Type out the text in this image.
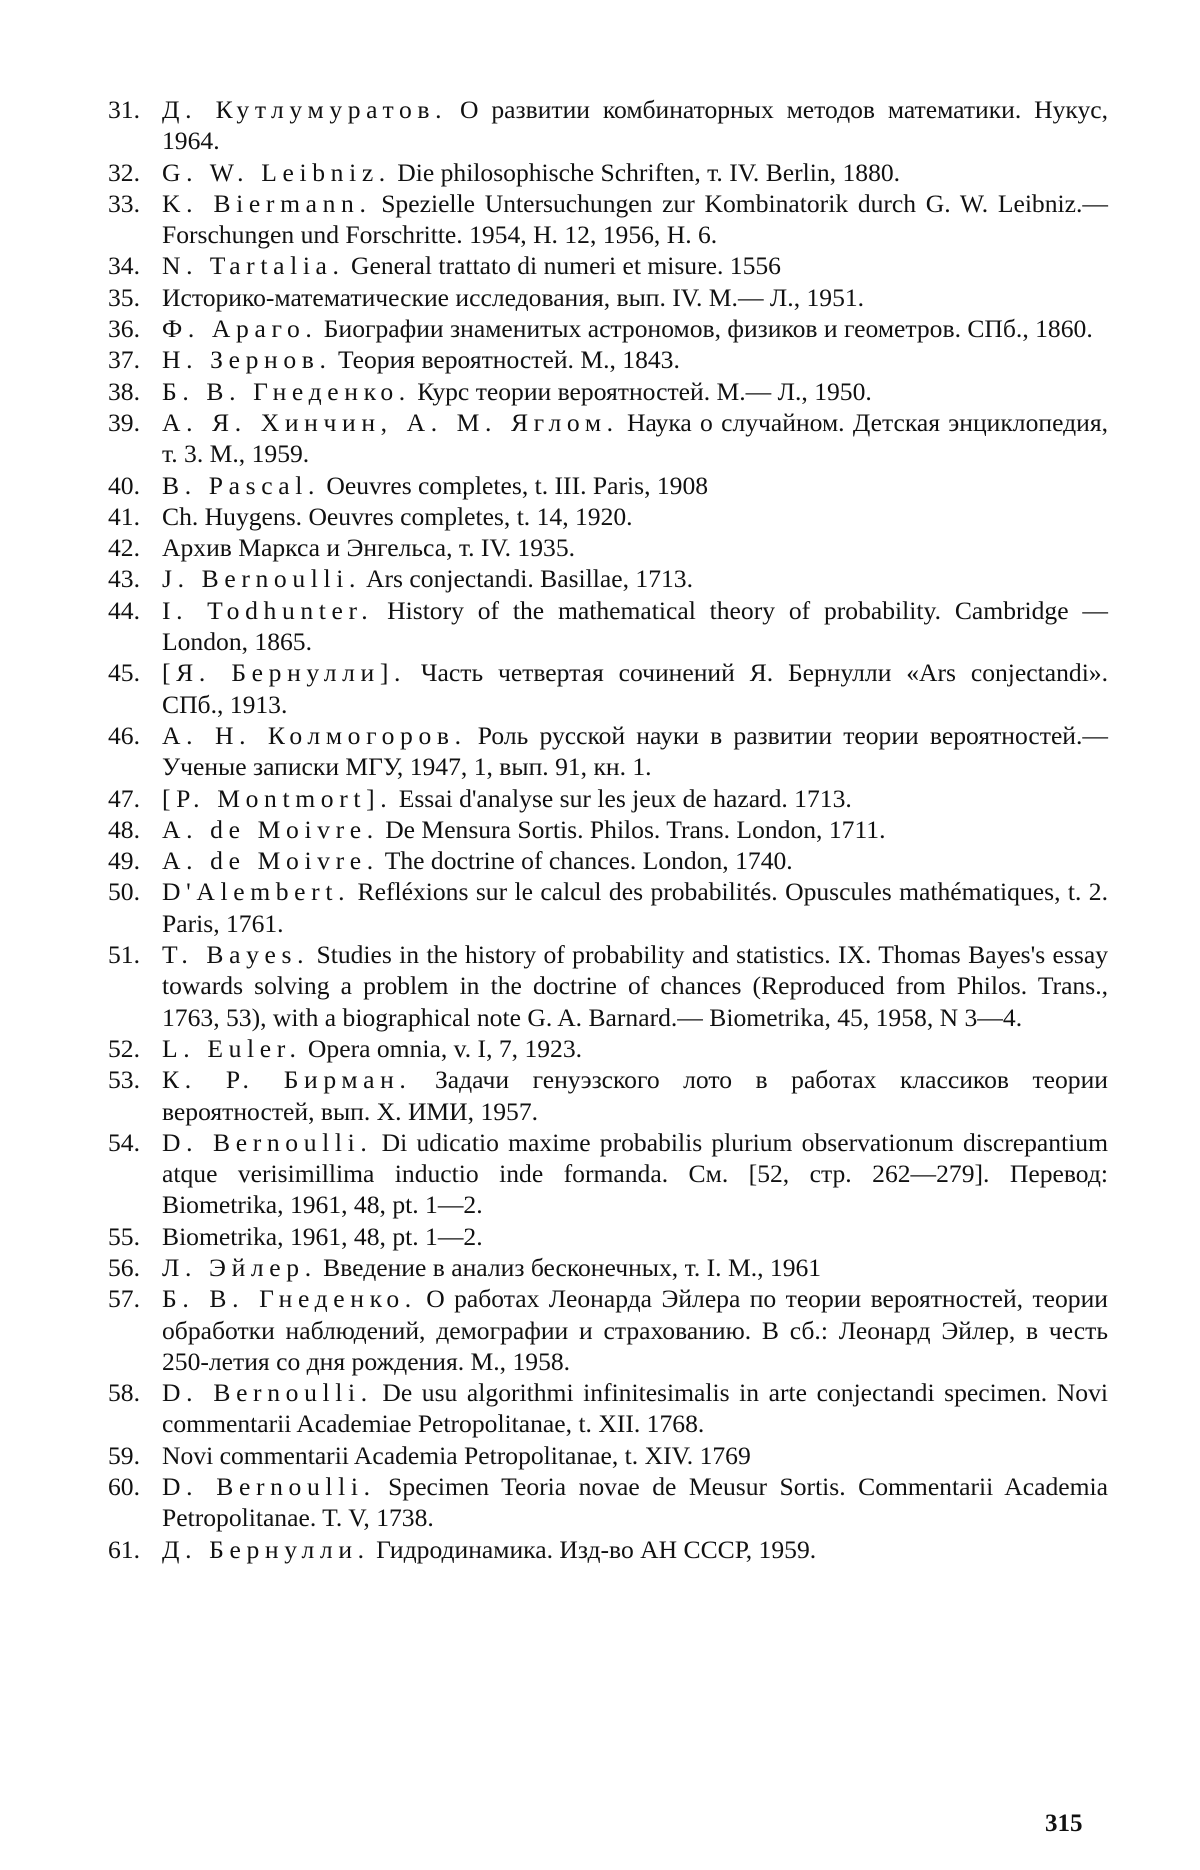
31. Д. Кутлумуратов. О развитии комбинаторных методов математики. Нукус, 1964.
32. G. W. Leibniz. Die philosophische Schriften, т. IV. Berlin, 1880.
33. K. Biermann. Spezielle Untersuchungen zur Kombinatorik durch G. W. Leibniz.— Forschungen und Forschritte. 1954, H. 12, 1956, H. 6.
34. N. Tartalia. General trattato di numeri et misure. 1556
35. Историко-математические исследования, вып. IV. М.— Л., 1951.
36. Ф. Араго. Биографии знаменитых астрономов, физиков и геометров. СПб., 1860.
37. Н. Зернов. Теория вероятностей. М., 1843.
38. Б. В. Гнеденко. Курс теории вероятностей. М.— Л., 1950.
39. А. Я. Хинчин, А. М. Яглом. Наука о случайном. Детская энциклопедия, т. 3. М., 1959.
40. B. Pascal. Oeuvres completes, t. III. Paris, 1908
41. Ch. Huygens. Oeuvres completes, t. 14, 1920.
42. Архив Маркса и Энгельса, т. IV. 1935.
43. J. Bernoulli. Ars conjectandi. Basillae, 1713.
44. I. Todhunter. History of the mathematical theory of probability. Cambridge — London, 1865.
45. [Я. Бернулли]. Часть четвертая сочинений Я. Бернулли «Ars conjectandi». СПб., 1913.
46. А. Н. Колмогоров. Роль русской науки в развитии теории вероятностей.— Ученые записки МГУ, 1947, 1, вып. 91, кн. 1.
47. [P. Montmort]. Essai d'analyse sur les jeux de hazard. 1713.
48. A. de Moivre. De Mensura Sortis. Philos. Trans. London, 1711.
49. A. de Moivre. The doctrine of chances. London, 1740.
50. D'Alembert. Refléxions sur le calcul des probabilités. Opuscules mathématiques, t. 2. Paris, 1761.
51. T. Bayes. Studies in the history of probability and statistics. IX. Thomas Bayes's essay towards solving a problem in the doctrine of chances (Reproduced from Philos. Trans., 1763, 53), with a biographical note G. A. Barnard.— Biometrika, 45, 1958, N 3—4.
52. L. Euler. Opera omnia, v. I, 7, 1923.
53. К. Р. Бирман. Задачи генуэзского лото в работах классиков теории вероятностей, вып. X. ИМИ, 1957.
54. D. Bernoulli. Di udicatio maxime probabilis plurium observationum discrepantium atque verisimillima inductio inde formanda. См. [52, стр. 262—279]. Перевод: Biometrika, 1961, 48, pt. 1—2.
55. Biometrika, 1961, 48, pt. 1—2.
56. Л. Эйлер. Введение в анализ бесконечных, т. I. М., 1961
57. Б. В. Гнеденко. О работах Леонарда Эйлера по теории вероятностей, теории обработки наблюдений, демографии и страхованию. В сб.: Леонард Эйлер, в честь 250-летия со дня рождения. М., 1958.
58. D. Bernoulli. De usu algorithmi infinitesimalis in arte conjectandi specimen. Novi commentarii Academiae Petropolitanae, t. XII. 1768.
59. Novi commentarii Academia Petropolitanae, t. XIV. 1769
60. D. Bernoulli. Specimen Teoria novae de Meusur Sortis. Commentarii Academia Petropolitanae. T. V, 1738.
61. Д. Бернулли. Гидродинамика. Изд-во АН СССР, 1959.
315
